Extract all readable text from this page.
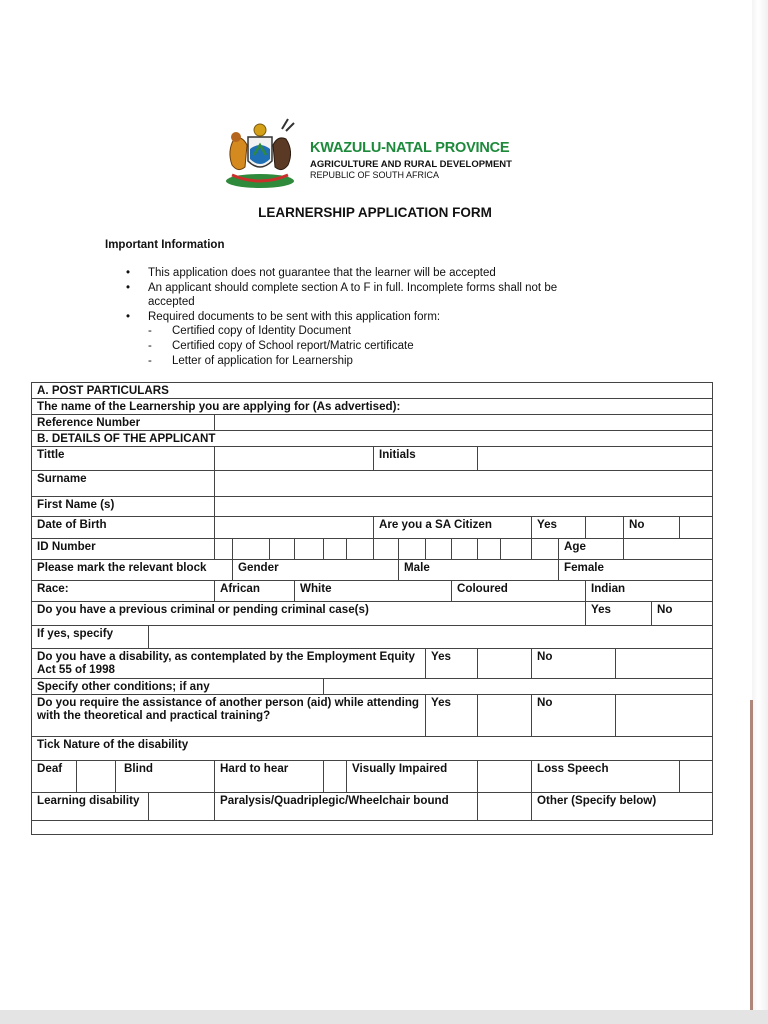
KWAZULU-NATAL PROVINCE
AGRICULTURE AND RURAL DEVELOPMENT
REPUBLIC OF SOUTH AFRICA
LEARNERSHIP APPLICATION FORM
Important Information
•	This application does not guarantee that the learner will be accepted
•	An applicant should complete section A to F in full. Incomplete forms shall not be
accepted
•	Required documents to be sent with this application form:
-	Certified copy of Identity Document
-	Certified copy of School report/Matric certificate
-	Letter of application for Learnership
A. POST PARTICULARS																						
The name of the Learnership you are applying for (As advertised):																						
Reference Number																						
B. DETAILS OF THE APPLICANT																						
Tittle										Initials												
Surname																						
First Name (s)																						
Date of Birth										Are you a SA Citizen						Yes				No		
ID Number																	Age					
Please mark the relevant block					Gender						Male						Female					
Race:				African			White						Coloured					Indian				
Do you have a previous criminal or pending criminal case(s)																		Yes			No	
If yes, specify																						
Do you have a disability, as contemplated by the Employment Equity Act 55 of 1998												Yes				No						
Specify other conditions; if any																						
Do you require the assistance of another person (aid) while attending with the theoretical and practical training?												Yes				No						
Tick Nature of the disability																						
Deaf		Blind		Hard to hear					Visually Impaired							Loss Speech						
Learning disability				Paralysis/Quadriplegic/Wheelchair bound												Other (Specify below)						
